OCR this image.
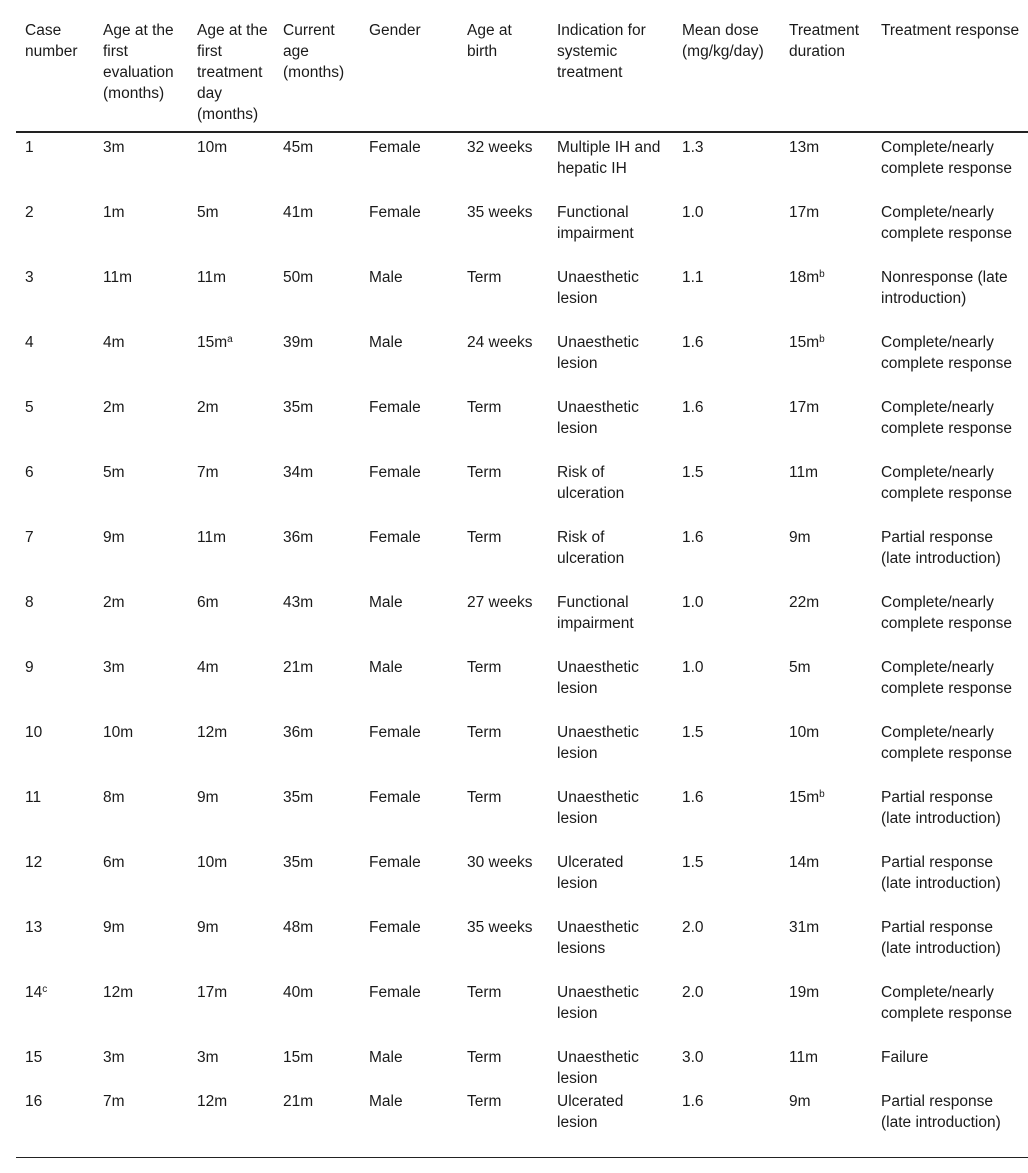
Case number	Age at the first evaluation (months)	Age at the first treatment day (months)	Current age (months)	Gender	Age at birth	Indication for systemic treatment	Mean dose (mg/kg/day)	Treatment duration	Treatment response
1	3m	10m	45m	Female	32 weeks	Multiple IH and hepatic IH	1.3	13m	Complete/nearly complete response
2	1m	5m	41m	Female	35 weeks	Functional impairment	1.0	17m	Complete/nearly complete response
3	11m	11m	50m	Male	Term	Unaesthetic lesion	1.1	$18m^b$	Nonresponse (late introduction)
4	4m	$15m^a$	39m	Male	24 weeks	Unaesthetic lesion	1.6	$15m^b$	Complete/nearly complete response
5	2m	2m	35m	Female	Term	Unaesthetic lesion	1.6	17m	Complete/nearly complete response
6	5m	7m	34m	Female	Term	Risk of ulceration	1.5	11m	Complete/nearly complete response
7	9m	11m	36m	Female	Term	Risk of ulceration	1.6	9m	Partial response (late introduction)
8	2m	6m	43m	Male	27 weeks	Functional impairment	1.0	22m	Complete/nearly complete response
9	3m	4m	21m	Male	Term	Unaesthetic lesion	1.0	5m	Complete/nearly complete response
10	10m	12m	36m	Female	Term	Unaesthetic lesion	1.5	10m	Complete/nearly complete response
11	8m	9m	35m	Female	Term	Unaesthetic lesion	1.6	$15m^b$	Partial response (late introduction)
12	6m	10m	35m	Female	30 weeks	Ulcerated lesion	1.5	14m	Partial response (late introduction)
13	9m	9m	48m	Female	35 weeks	Unaesthetic lesions	2.0	31m	Partial response (late introduction)
14$^c$	12m	17m	40m	Female	Term	Unaesthetic lesion	2.0	19m	Complete/nearly complete response
15	3m	3m	15m	Male	Term	Unaesthetic lesion	3.0	11m	Failure
16	7m	12m	21m	Male	Term	Ulcerated lesion	1.6	9m	Partial response (late introduction)
